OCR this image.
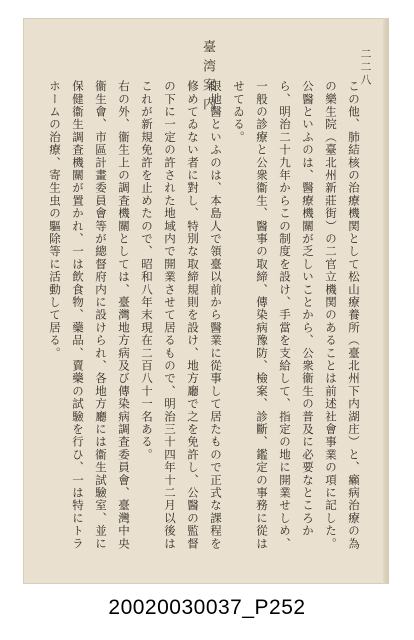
二二八
臺湾案内
この他、肺結核の治療機関として松山療養所（臺北州下内湖庄）と、癩病治療の為の樂生院（臺北州新莊街）の二官立機関のあることは前述社會事業の項に記した。
公醫といふのは、醫療機關が乏しいことから、公衆衞生の普及に必要なところから、明治二十九年からこの制度を設け、手當を支給して、指定の地に開業せしめ、一般の診療と公衆衞生、醫事の取締、傳染病豫防、檢案、診斷、鑑定の事務に從はせてゐる。
限地醫といふのは、本島人で領臺以前から醫業に從事して居たもので正式な課程を修めてゐない者に對し、特別な取締規則を設け、地方廳で之を免許し、公醫の監督の下に一定の許された地域内で開業させて居るもので、明治三十四年十二月以後はこれが新規免許を止めたので、昭和八年末現在二百八十一名ある。
右の外、衞生上の調査機關としては、臺灣地方病及び傳染病調査委員會、臺灣中央衞生會、市區計畫委員會等が總督府内に設けられ、各地方廳には衞生試驗室、並に保健衞生調査機關が置かれ、一は飲食物、藥品、賣藥の試驗を行ひ、一は特にトラホームの治療、寄生虫の驅除等に活動して居る。
20020030037_P252
